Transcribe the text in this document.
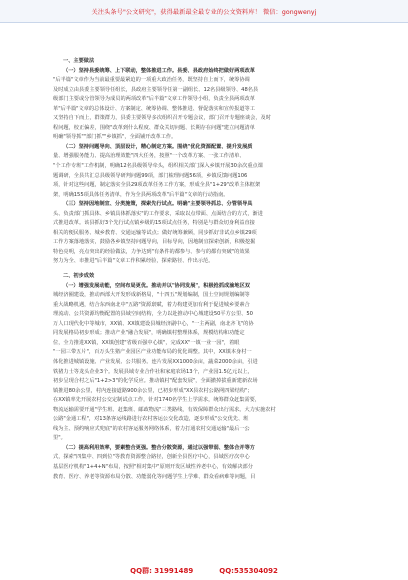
关注头条号"公文研究"，获得最新最全最专业的公文资料库！ 微信：gongwenyj
一、主要做法
（一）坚持县委统筹、上下联动，整体推进工作。县委、县政府始终把做好两项改革
"后半篇"文章作为当前最重要最紧迫的一项重大政治任务，既坚持自上而下，统筹协调
及时成立由县委主要领导任组长，县政府主要领导任第一副组长、12名县级领导、48名县
级部门主要或分管领导为成员的两项改革"后半篇"文章工作领导小组，负责全县两项改革
革"后半篇"文章的总体设计、方案制定、统筹协调、整体推进、督促落实和宣传报道等工
又坚持自下而上，群策群力，县委主要领导多次组织召开专题会议，部门召开专题座谈会，及时
程问题，校正偏差，围绕"改革到什么程度、群众关切问题、长期存在问题"建立问题清单
明确"领导抓""部门抓""乡镇抓"，全面铺开改革工作。
（二）坚持问题导向、顶层设计，精心制定方案。围绕"优化资源配置、提升发展质
量、增强服务能力、提高治理效能"四大任务，按照"一个改革方案、一张工作清单、
"个工作专班"工作机制，明确12名县级领导牵头，组织相关部门深入乡镇开展30余次重点课
题调研，全县共汇总县级领导研判问题99项，部门梳理问题56项，乡镇反馈问题106
项，针对这些问题，制定落实全县29项改革任务工作方案，形成全县"1+29"改革主体框架
架，明确155项具体任务清单，作为全县两项改革"后半篇"文章的行动指南。
（三）坚持因地制宜、分类施策，探索先行试点。明确"主要领导抓总、分管领导具
头、负责部门抓具体、乡镇具体抓落实"的工作要求，采取以点带面、点面结合的方式，渐进
式推进改革。该县抓好3个先行试点镇乡级的15项试点任务，特别是与群众切身利益直接
相关的便民服务、城乡教育、交通运输等试点；做好统筹兼顾，同步抓好非试点乡镇29项
工作方案落地落实，鼓励各乡镇坚持问题导向，目标导向，因地制宜探索创新，积极挖掘
特色亮明，亮点突出的经验做法，力争达到"有条件的都参与、参与的都有突破"的效果
努力为全、市推进"后半篇"文章工作积累经验，探索路径、作出示范。
二、初步成效
（一）增强发展动能，空间布局更优。推动并以"协同发展"，积极抢抓成渝地区双
城经济圈建设，推动西部大开发形成新格局，"十四五"规划编制，国土空间规划编制等
重大战略机遇，结合东西南北中"五路"资源禀赋，着力构建更加有利于促进城乡要素合
理流动、公共资源均衡配置的县域空间结构，全力以赴推动中心城建设50平方公里、50
万人口现代化中等城市，XX镇、XX镇建设县城经济副中心，"一主两副，南北齐飞"的协
同发展格局初步形成；推动产业"融合发展"，明确镇村整理体系，规模结构和功能定
位，全力推进XX镇，XX镇创建"省级百强中心镇"，完成XX"一镇一业一园"，着眼
"一园三带五片"，百万头生猪产业园区产业功能布局的优化调整。其中，XX镇本身村一
体化推进城镇设施、产业发展、公共服务。连片发展XX1000余亩，蔬菜2000余亩，引进
铁猪力士等龙头企业3个。发展县域专业合作社和家庭农场13个，产业园1.5亿元以上，
初步呈现合村之后"1+2>3"的化学反应。推动镇村"配套发展"，全面撤掉拔重新建新农场
镇推进80余公里，村内连接道路900余公里，已初步形成"XX县农村公路网四梁结构"；
在XX镇率先开展农村公交定制试点工作，针对1740名学生上学需求，统筹群众赶集需要，
物流运输需要开通"学生班、赶集班、邮政物流"三类路线，有效保障群众出行需求。大力实施农村
公路"金通工程"，对13条客运线路进行农村客运公交化改造，逐步形成"公交优先、班
线为主、预约响应式兜底"的农村客运服务网络体系，着力打通农村交通运输"最后一公
里"。
（二）提高利用效率，要素整合更强。整合分散资源，通过以强带弱、整体合并等方
式，探索"四集中、四到位"等教育资源整合路径，创新全县医疗中心，县域医疗次中心
基层医疗机构"1+4+N"布局，按照"相对集中"原则开发区域性养老中心，有效解决部分
教育、医疗、养老等资源布局分散、功能弱化等问题学生上学难、群众看病难等问题，目
QQ群: 31991489	QQ:535304092
